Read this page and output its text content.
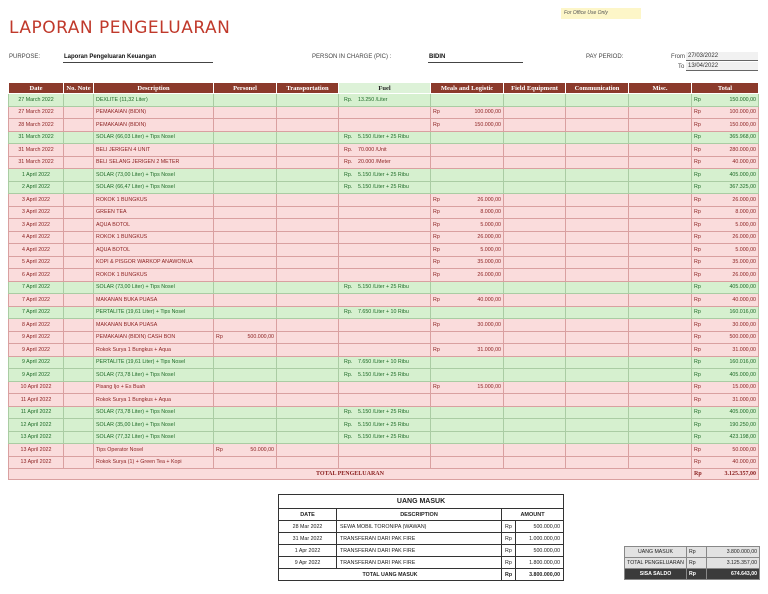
LAPORAN PENGELUARAN
For Office Use Only
PURPOSE:	Laporan Pengeluaran Keuangan	PERSON IN CHARGE (PIC) :	BIDIN	PAY PERIOD:	From 27/03/2022
To 13/04/2022
Date	No. Note	Description	Personel	Transportation	Fuel	Meals and Logistic	Field Equipment	Communication	Misc.	Total
27 March 2022		DEXLITE (11,32 Liter)			Rp. 13.250 /Liter					Rp 150.000,00

27 March 2022		PEMAKAIAN (BIDIN)				Rp 100.000,00				Rp 100.000,00

28 March 2022		PEMAKAIAN (BIDIN)				Rp 150.000,00				Rp 150.000,00

31 March 2022		SOLAR (66,03 Liter) + Tips Nosel			Rp. 5.150 /Liter + 25 Ribu					Rp 365.968,00

31 March 2022		BELI JERIGEN 4 UNIT			Rp. 70.000 /Unit					Rp 280.000,00

31 March 2022		BELI SELANG JERIGEN 2 METER			Rp. 20.000 /Meter					Rp 40.000,00

1 April 2022		SOLAR (73,00 Liter) + Tips Nosel			Rp. 5.150 /Liter + 25 Ribu					Rp 405.000,00

2 April 2022		SOLAR (66,47 Liter) + Tips Nosel			Rp. 5.150 /Liter + 25 Ribu					Rp 367.325,00

3 April 2022		ROKOK 1 BUNGKUS				Rp 26.000,00				Rp 26.000,00

3 April 2022		GREEN TEA				Rp 8.000,00				Rp 8.000,00

3 April 2022		AQUA BOTOL				Rp 5.000,00				Rp 5.000,00

4 April 2022		ROKOK 1 BUNGKUS				Rp 26.000,00				Rp 26.000,00

4 April 2022		AQUA BOTOL				Rp 5.000,00				Rp 5.000,00

5 April 2022		KOPI & PISGOR WARKOP ANAWONUA				Rp 35.000,00				Rp 35.000,00

6 April 2022		ROKOK 1 BUNGKUS				Rp 26.000,00				Rp 26.000,00

7 April 2022		SOLAR (73,00 Liter) + Tips Nosel			Rp. 5.150 /Liter + 25 Ribu					Rp 405.000,00

7 April 2022		MAKANAN BUKA PUASA				Rp 40.000,00				Rp 40.000,00

7 April 2022		PERTALITE (19,61 Liter) + Tips Nosel			Rp. 7.650 /Liter + 10 Ribu					Rp 160.016,00

8 April 2022		MAKANAN BUKA PUASA				Rp 30.000,00				Rp 30.000,00

9 April 2022		PEMAKAIAN (BIDIN) CASH BON	Rp 500.000,00							Rp 500.000,00

9 April 2022		Rokok Surya 1 Bungkus + Aqua				Rp 31.000,00				Rp 31.000,00

9 April 2022		PERTALITE (19,61 Liter) + Tips Nosel			Rp. 7.650 /Liter + 10 Ribu					Rp 160.016,00

9 April 2022		SOLAR (73,78 Liter) + Tips Nosel			Rp. 5.150 /Liter + 25 Ribu					Rp 405.000,00

10 April 2022		Pisang Ijo + Es Buah				Rp 15.000,00				Rp 15.000,00

11 April 2022		Rokok Surya 1 Bungkus + Aqua								Rp 31.000,00

11 April 2022		SOLAR (73,78 Liter) + Tips Nosel			Rp. 5.150 /Liter + 25 Ribu					Rp 405.000,00

12 April 2022		SOLAR (35,00 Liter) + Tips Nosel			Rp. 5.150 /Liter + 25 Ribu					Rp 190.250,00

13 April 2022		SOLAR (77,32 Liter) + Tips Nosel			Rp. 5.150 /Liter + 25 Ribu					Rp 423.198,00

13 April 2022		Tips Operator Nosel	Rp 50.000,00							Rp 50.000,00

13 April 2022		Rokok Surya (1) + Green Tea + Kopi								Rp 40.000,00

TOTAL PENGELUARAN										Rp 3.125.357,00
UANG MASUK			
DATE	DESCRIPTION	AMOUNT	
28 Mar 2022	SEWA MOBIL TORONIPA (WAWAN)	Rp	500.000,00
31 Mar 2022	TRANSFERAN DARI PAK FIRE	Rp	1.000.000,00
1 Apr 2022	TRANSFERAN DARI PAK FIRE	Rp	500.000,00
9 Apr 2022	TRANSFERAN DARI PAK FIRE	Rp	1.800.000,00
TOTAL UANG MASUK		Rp	3.800.000,00
UANG MASUK	Rp	3.800.000,00
TOTAL PENGELUARAN	Rp	3.125.357,00
SISA SALDO	Rp	674.643,00
